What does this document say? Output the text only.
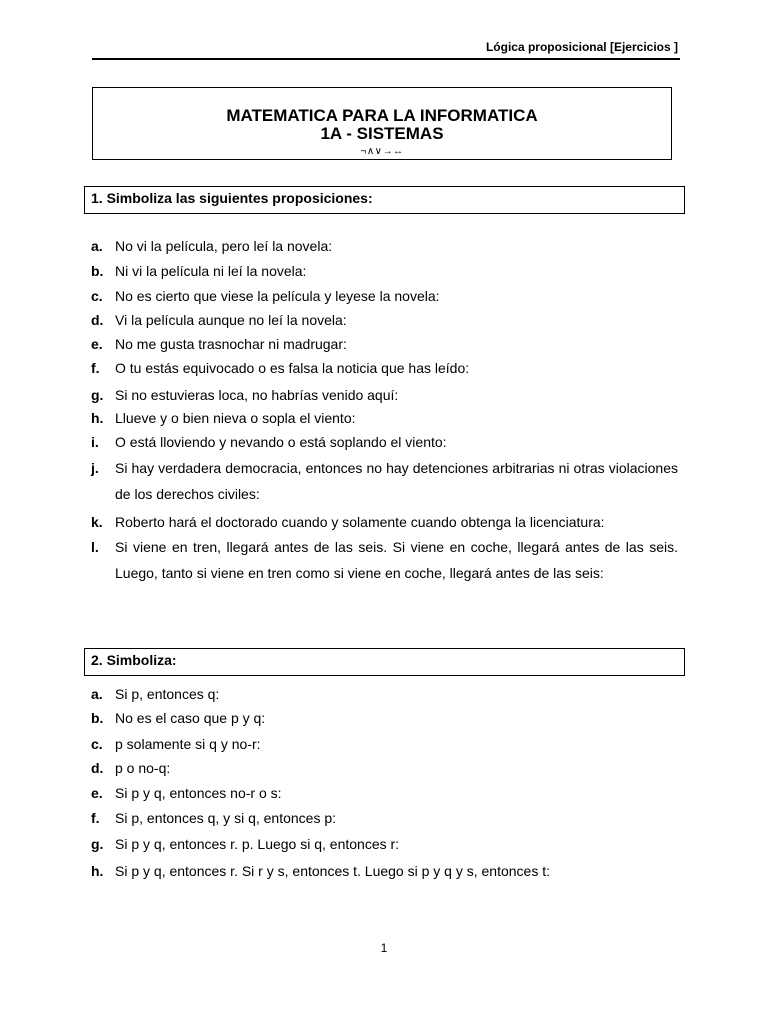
Lógica proposicional [Ejercicios ]
MATEMATICA PARA LA INFORMATICA
1A - SISTEMAS
¬∧∨→↔
1. Simboliza las siguientes proposiciones:
a. No vi la película, pero leí la novela:
b. Ni vi la película ni leí la novela:
c. No es cierto que viese la película y leyese la novela:
d. Vi la película aunque no leí la novela:
e. No me gusta trasnochar ni madrugar:
f.	O tu estás equivocado o es falsa la noticia que has leído:
g. Si no estuvieras loca, no habrías venido aquí:
h. Llueve y o bien nieva o sopla el viento:
i.	O está lloviendo y nevando o está soplando el viento:
j.	Si hay verdadera democracia, entonces no hay detenciones arbitrarias ni otras violaciones de los derechos civiles:
k. Roberto hará el doctorado cuando y solamente cuando obtenga la licenciatura:
l.	Si viene en tren, llegará antes de las seis. Si viene en coche, llegará antes de las seis. Luego, tanto si viene en tren como si viene en coche, llegará antes de las seis:
2. Simboliza:
a. Si p, entonces q:
b. No es el caso que p y q:
c. p solamente si q y no-r:
d. p o no-q:
e. Si p y q, entonces no-r o s:
f.	Si p, entonces q, y si q, entonces p:
g. Si p y q, entonces r. p. Luego si q, entonces r:
h. Si p y q, entonces r. Si r y s, entonces t. Luego si p y q y s, entonces t:
1
